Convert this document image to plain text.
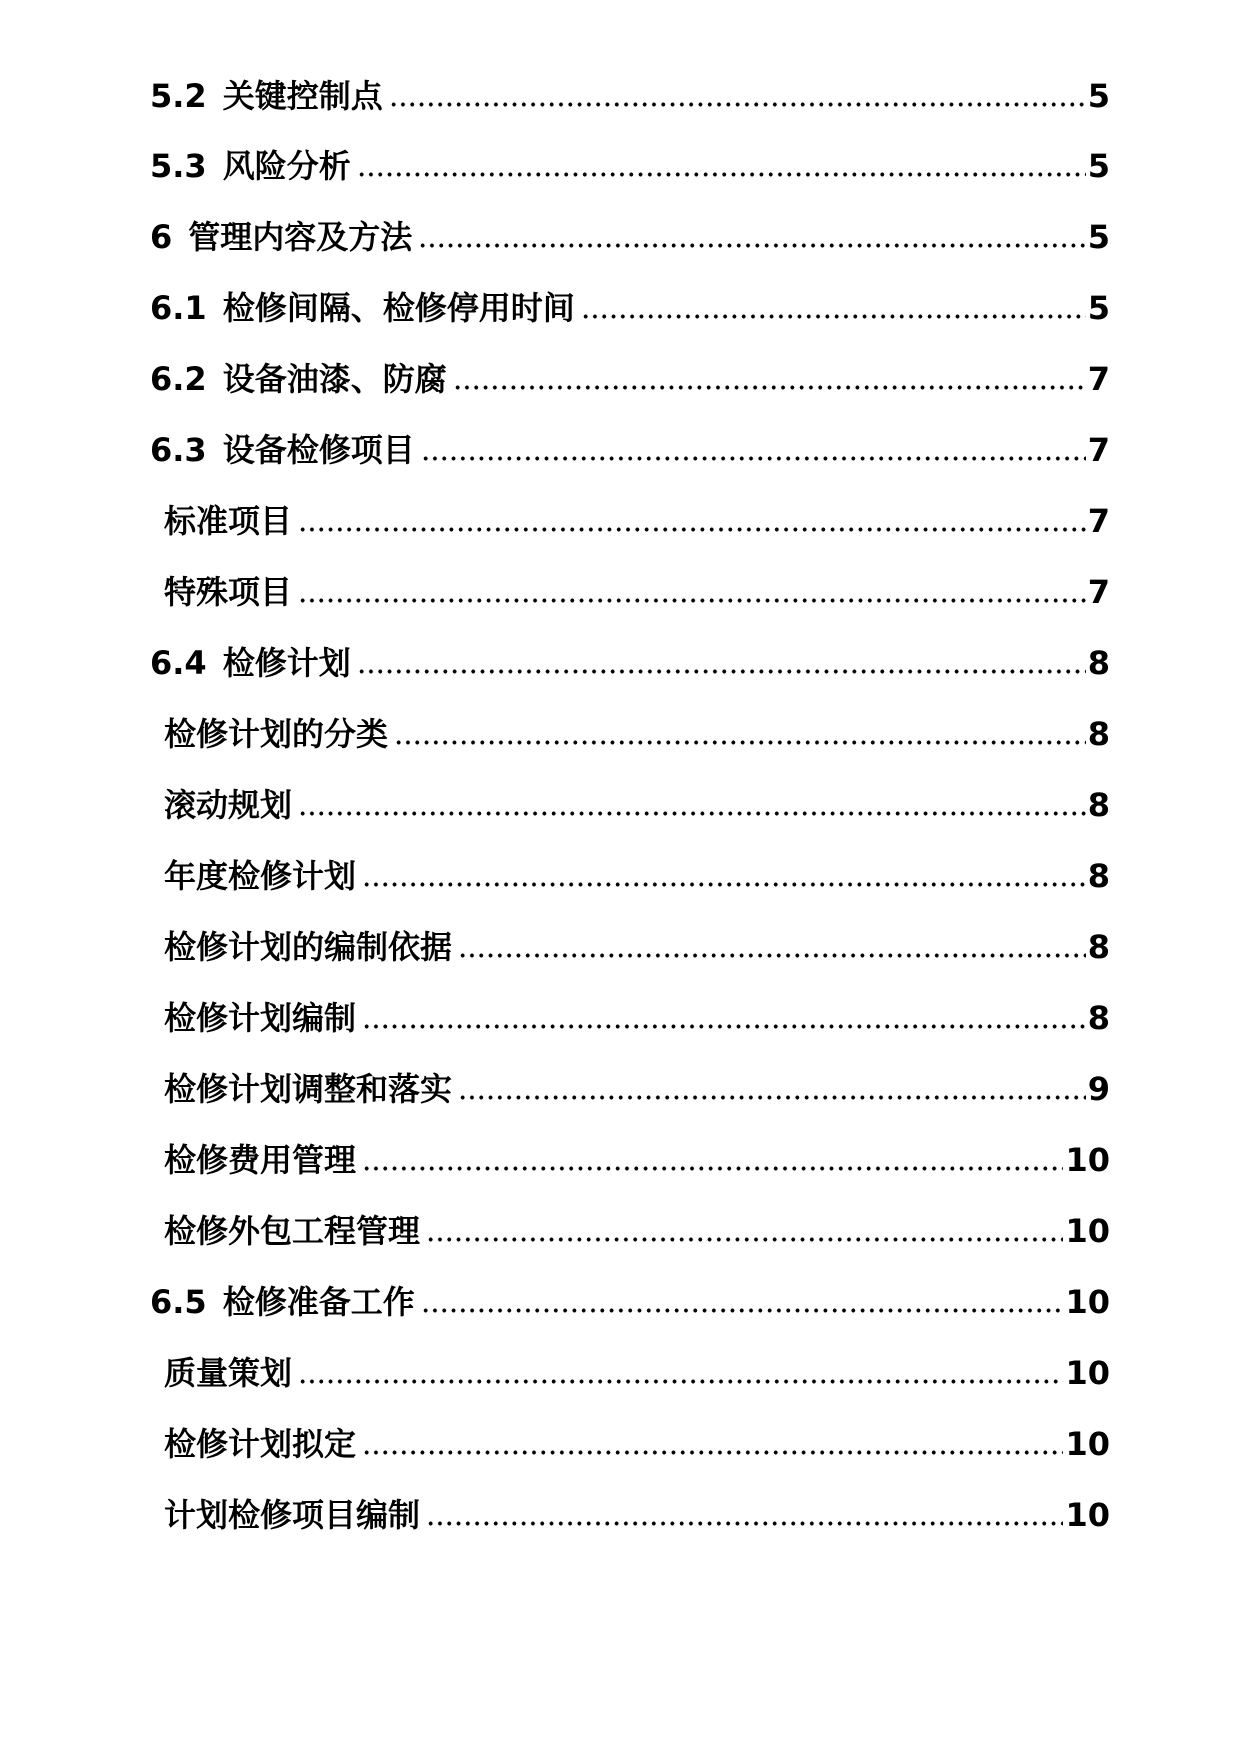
5.2 关键控制点	5
5.3 风险分析	5
6 管理内容及方法	5
6.1 检修间隔、检修停用时间	5
6.2 设备油漆、防腐	7
6.3 设备检修项目	7
标准项目	7
特殊项目	7
6.4 检修计划	8
检修计划的分类	8
滚动规划	8
年度检修计划	8
检修计划的编制依据	8
检修计划编制	8
检修计划调整和落实	9
检修费用管理	10
检修外包工程管理	10
6.5 检修准备工作	10
质量策划	10
检修计划拟定	10
计划检修项目编制	10
